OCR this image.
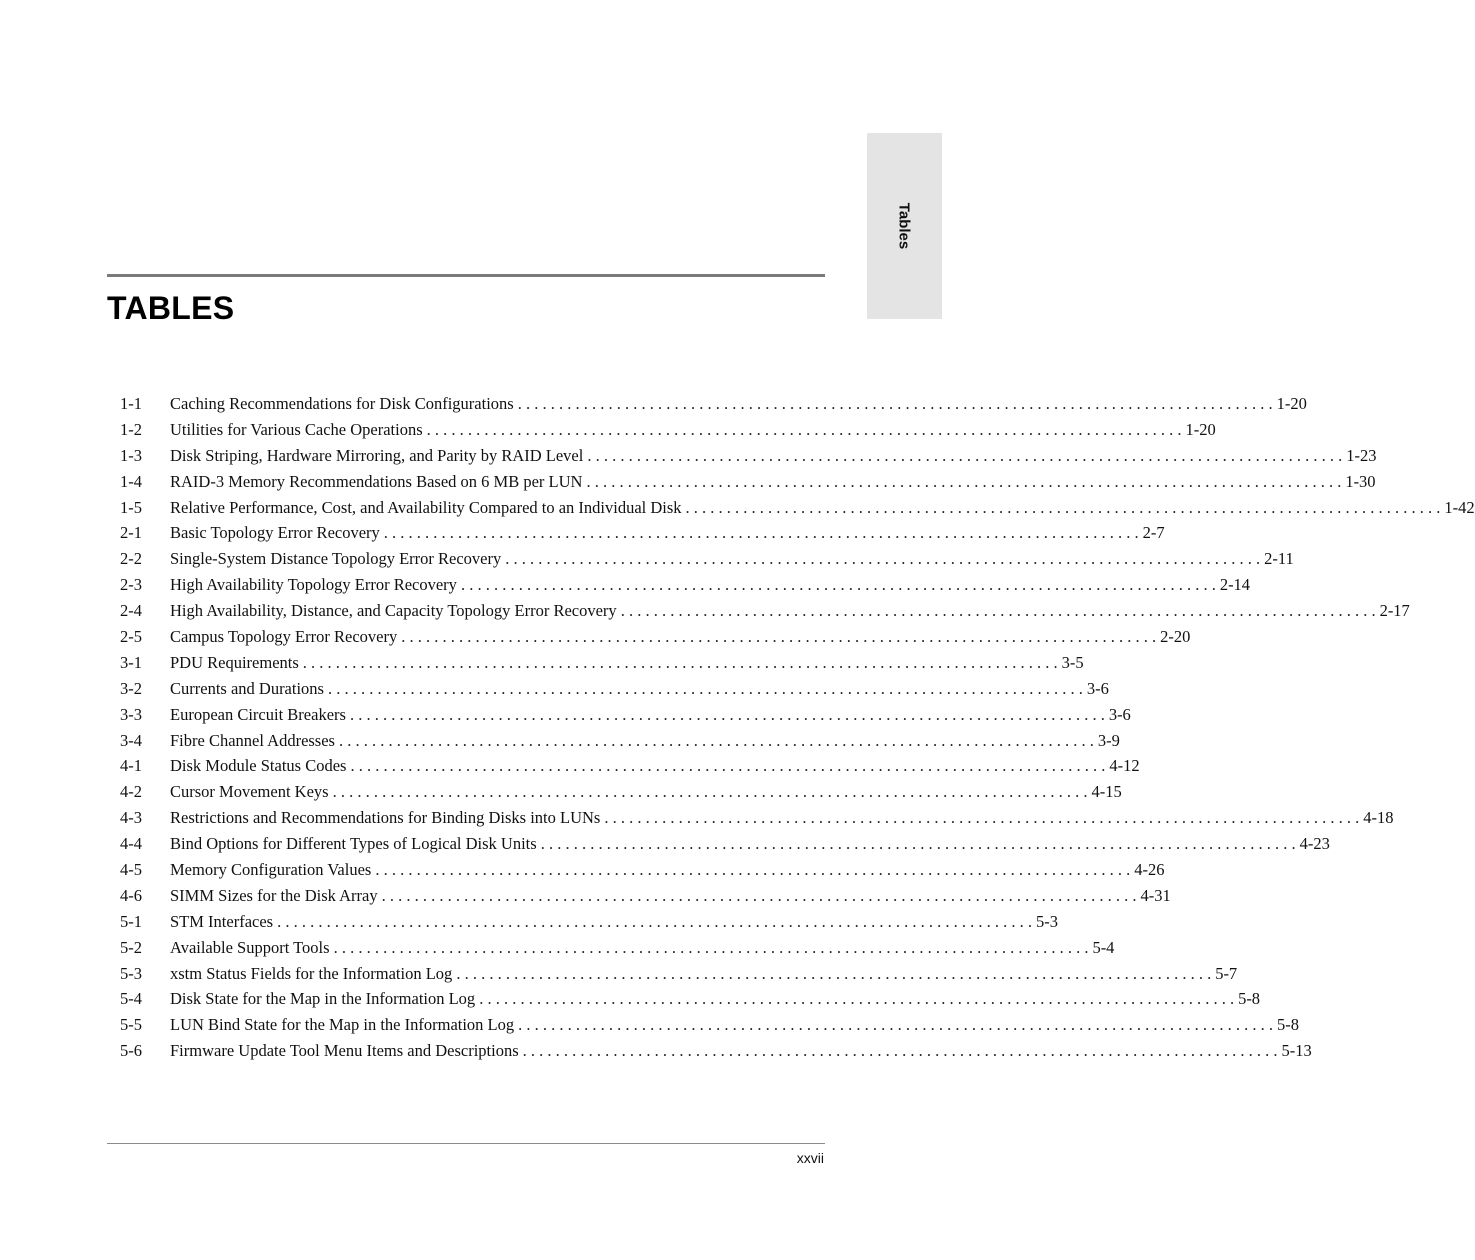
Tables
TABLES
1-1	Caching Recommendations for Disk Configurations . . .	1-20
1-2	Utilities for Various Cache Operations . . .	1-20
1-3	Disk Striping, Hardware Mirroring, and Parity by RAID Level . . .	1-23
1-4	RAID-3 Memory Recommendations Based on 6 MB per LUN . . .	1-30
1-5	Relative Performance, Cost, and Availability Compared to an Individual Disk . . .	1-42
2-1	Basic Topology Error Recovery . . .	2-7
2-2	Single-System Distance Topology Error Recovery . . .	2-11
2-3	High Availability Topology Error Recovery . . .	2-14
2-4	High Availability, Distance, and Capacity Topology Error Recovery . . .	2-17
2-5	Campus Topology Error Recovery . . .	2-20
3-1	PDU Requirements . . .	3-5
3-2	Currents and Durations . . .	3-6
3-3	European Circuit Breakers . . .	3-6
3-4	Fibre Channel Addresses . . .	3-9
4-1	Disk Module Status Codes . . .	4-12
4-2	Cursor Movement Keys . . .	4-15
4-3	Restrictions and Recommendations for Binding Disks into LUNs . . .	4-18
4-4	Bind Options for Different Types of Logical Disk Units . . .	4-23
4-5	Memory Configuration Values . . .	4-26
4-6	SIMM Sizes for the Disk Array . . .	4-31
5-1	STM Interfaces . . .	5-3
5-2	Available Support Tools . . .	5-4
5-3	xstm Status Fields for the Information Log . . .	5-7
5-4	Disk State for the Map in the Information Log . . .	5-8
5-5	LUN Bind State for the Map in the Information Log . . .	5-8
5-6	Firmware Update Tool Menu Items and Descriptions . . .	5-13
xxvii
